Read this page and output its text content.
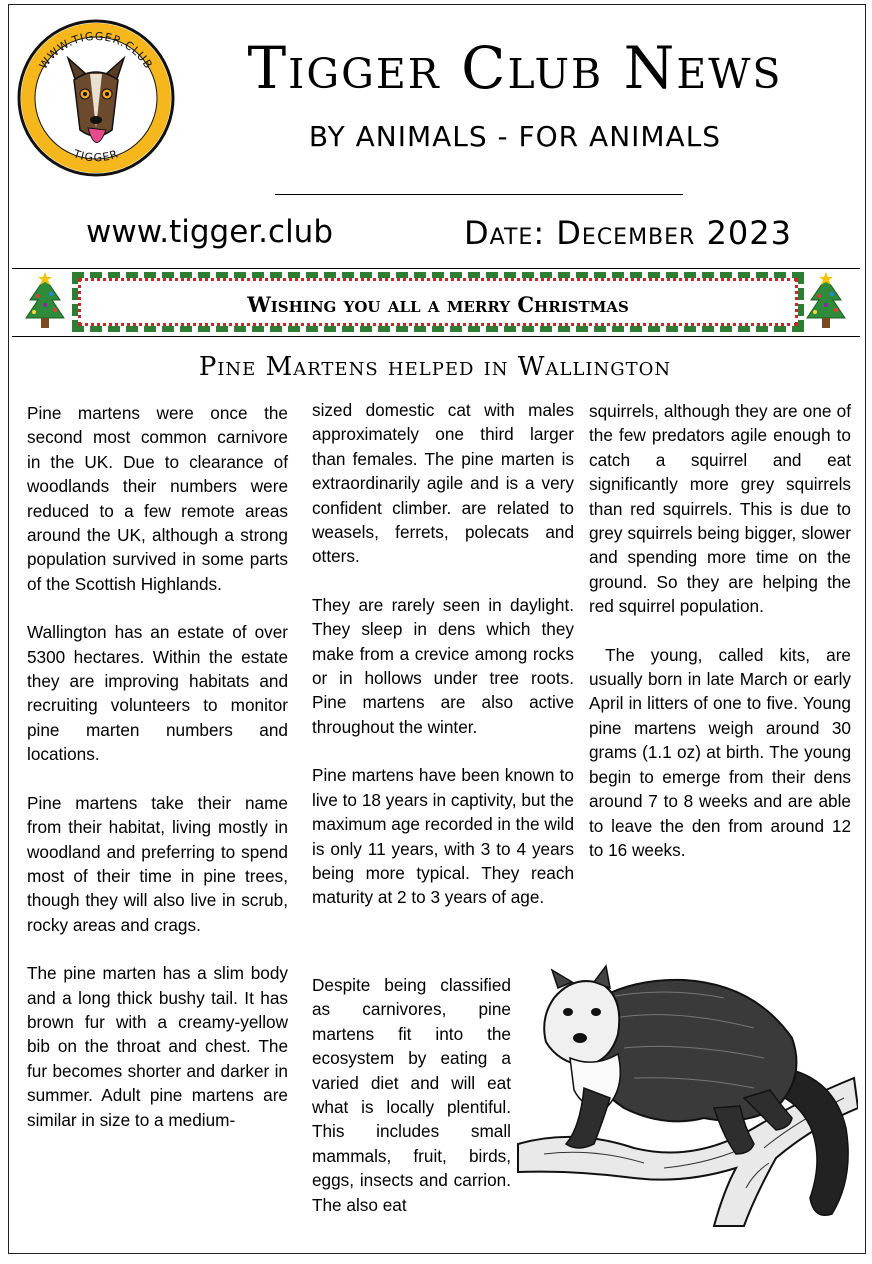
WWW.TIGGER.CLUB
TIGGER
Tigger Club News
BY ANIMALS - FOR ANIMALS
www.tigger.club	Date: December 2023
Wishing you all a merry Christmas
Pine Martens helped in Wallington

Pine martens were once the second most common carnivore in the UK. Due to clearance of woodlands their numbers were reduced to a few remote areas around the UK, although a strong population survived in some parts of the Scottish Highlands.

Wallington has an estate of over 5300 hectares. Within the estate they are improving habitats and recruiting volunteers to monitor pine marten numbers and locations.

Pine martens take their name from their habitat, living mostly in woodland and preferring to spend most of their time in pine trees, though they will also live in scrub, rocky areas and crags.

The pine marten has a slim body and a long thick bushy tail. It has brown fur with a creamy-yellow bib on the throat and chest. The fur becomes shorter and darker in summer. Adult pine martens are similar in size to a medium-

sized domestic cat with males approximately one third larger than females. The pine marten is extraordinarily agile and is a very confident climber. are related to weasels, ferrets, polecats and otters.

They are rarely seen in daylight. They sleep in dens which they make from a crevice among rocks or in hollows under tree roots. Pine martens are also active throughout the winter.

Pine martens have been known to live to 18 years in captivity, but the maximum age recorded in the wild is only 11 years, with 3 to 4 years being more typical. They reach maturity at 2 to 3 years of age.

Despite being classified as carnivores, pine martens fit into the ecosystem by eating a varied diet and will eat what is locally plentiful. This includes small mammals, fruit, birds, eggs, insects and carrion. The also eat

squirrels, although they are one of the few predators agile enough to catch a squirrel and eat significantly more grey squirrels than red squirrels. This is due to grey squirrels being bigger, slower and spending more time on the ground. So they are helping the red squirrel population.

The young, called kits, are usually born in late March or early April in litters of one to five. Young pine martens weigh around 30 grams (1.1 oz) at birth. The young begin to emerge from their dens around 7 to 8 weeks and are able to leave the den from around 12 to 16 weeks.
